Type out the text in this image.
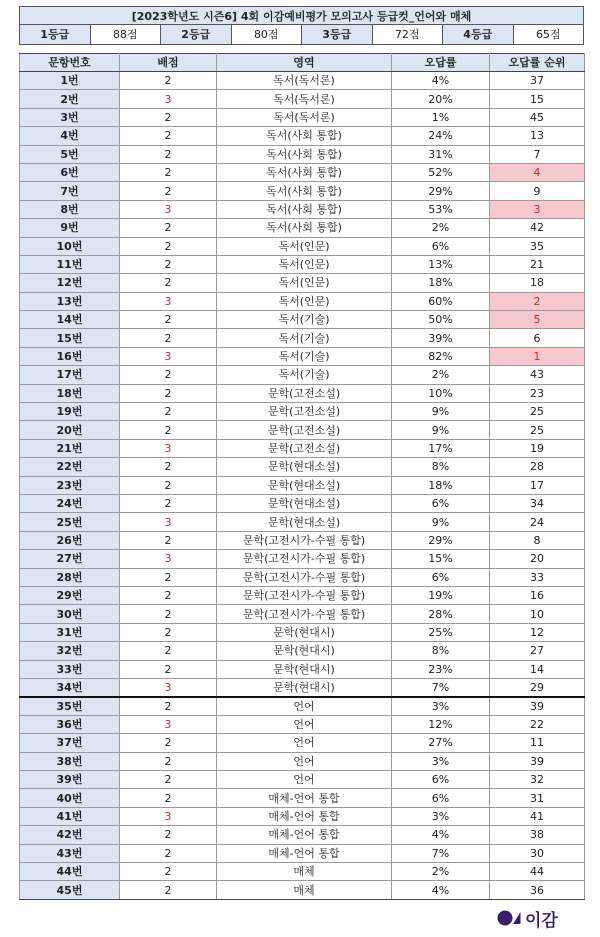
[2023학년도 시즌6] 4회 이감예비평가 모의고사 등급컷_언어와 매체
1등급	88점	2등급	80점	3등급	72점	4등급	65점
문항번호	배점	영역	오답률	오답률 순위
1번	2	독서(독서론)	4%	37
2번	3	독서(독서론)	20%	15
3번	2	독서(독서론)	1%	45
4번	2	독서(사회 통합)	24%	13
5번	2	독서(사회 통합)	31%	7
6번	2	독서(사회 통합)	52%	4
7번	2	독서(사회 통합)	29%	9
8번	3	독서(사회 통합)	53%	3
9번	2	독서(사회 통합)	2%	42
10번	2	독서(인문)	6%	35
11번	2	독서(인문)	13%	21
12번	2	독서(인문)	18%	18
13번	3	독서(인문)	60%	2
14번	2	독서(기술)	50%	5
15번	2	독서(기술)	39%	6
16번	3	독서(기술)	82%	1
17번	2	독서(기술)	2%	43
18번	2	문학(고전소설)	10%	23
19번	2	문학(고전소설)	9%	25
20번	2	문학(고전소설)	9%	25
21번	3	문학(고전소설)	17%	19
22번	2	문학(현대소설)	8%	28
23번	2	문학(현대소설)	18%	17
24번	2	문학(현대소설)	6%	34
25번	3	문학(현대소설)	9%	24
26번	2	문학(고전시가-수필 통합)	29%	8
27번	3	문학(고전시가-수필 통합)	15%	20
28번	2	문학(고전시가-수필 통합)	6%	33
29번	2	문학(고전시가-수필 통합)	19%	16
30번	2	문학(고전시가-수필 통합)	28%	10
31번	2	문학(현대시)	25%	12
32번	2	문학(현대시)	8%	27
33번	2	문학(현대시)	23%	14
34번	3	문학(현대시)	7%	29
35번	2	언어	3%	39
36번	3	언어	12%	22
37번	2	언어	27%	11
38번	2	언어	3%	39
39번	2	언어	6%	32
40번	2	매체-언어 통합	6%	31
41번	3	매체-언어 통합	3%	41
42번	2	매체-언어 통합	4%	38
43번	2	매체-언어 통합	7%	30
44번	2	매체	2%	44
45번	2	매체	4%	36
이감
